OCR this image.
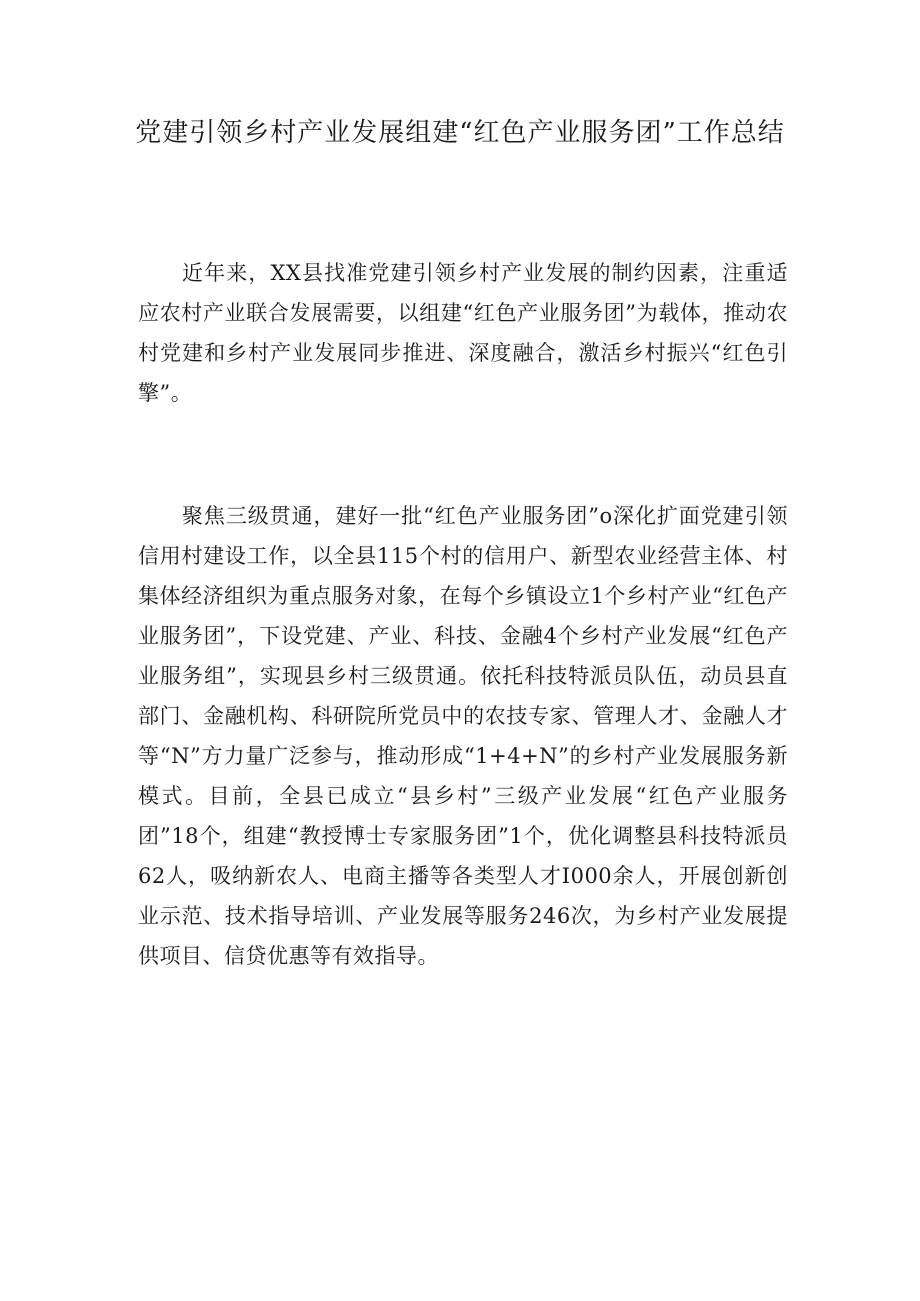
党建引领乡村产业发展组建“红色产业服务团”工作总结

近年来，XX县找准党建引领乡村产业发展的制约因素，注重适应农村产业联合发展需要，以组建“红色产业服务团”为载体，推动农村党建和乡村产业发展同步推进、深度融合，激活乡村振兴“红色引擎”。

聚焦三级贯通，建好一批“红色产业服务团”o深化扩面党建引领信用村建设工作，以全县115个村的信用户、新型农业经营主体、村集体经济组织为重点服务对象，在每个乡镇设立1个乡村产业“红色产业服务团”，下设党建、产业、科技、金融4个乡村产业发展“红色产业服务组”，实现县乡村三级贯通。依托科技特派员队伍，动员县直部门、金融机构、科研院所党员中的农技专家、管理人才、金融人才等“N”方力量广泛参与，推动形成“1+4+N”的乡村产业发展服务新模式。目前，全县已成立“县乡村”三级产业发展“红色产业服务团”18个，组建“教授博士专家服务团”1个，优化调整县科技特派员62人，吸纳新农人、电商主播等各类型人才I000余人，开展创新创业示范、技术指导培训、产业发展等服务246次，为乡村产业发展提供项目、信贷优惠等有效指导。
